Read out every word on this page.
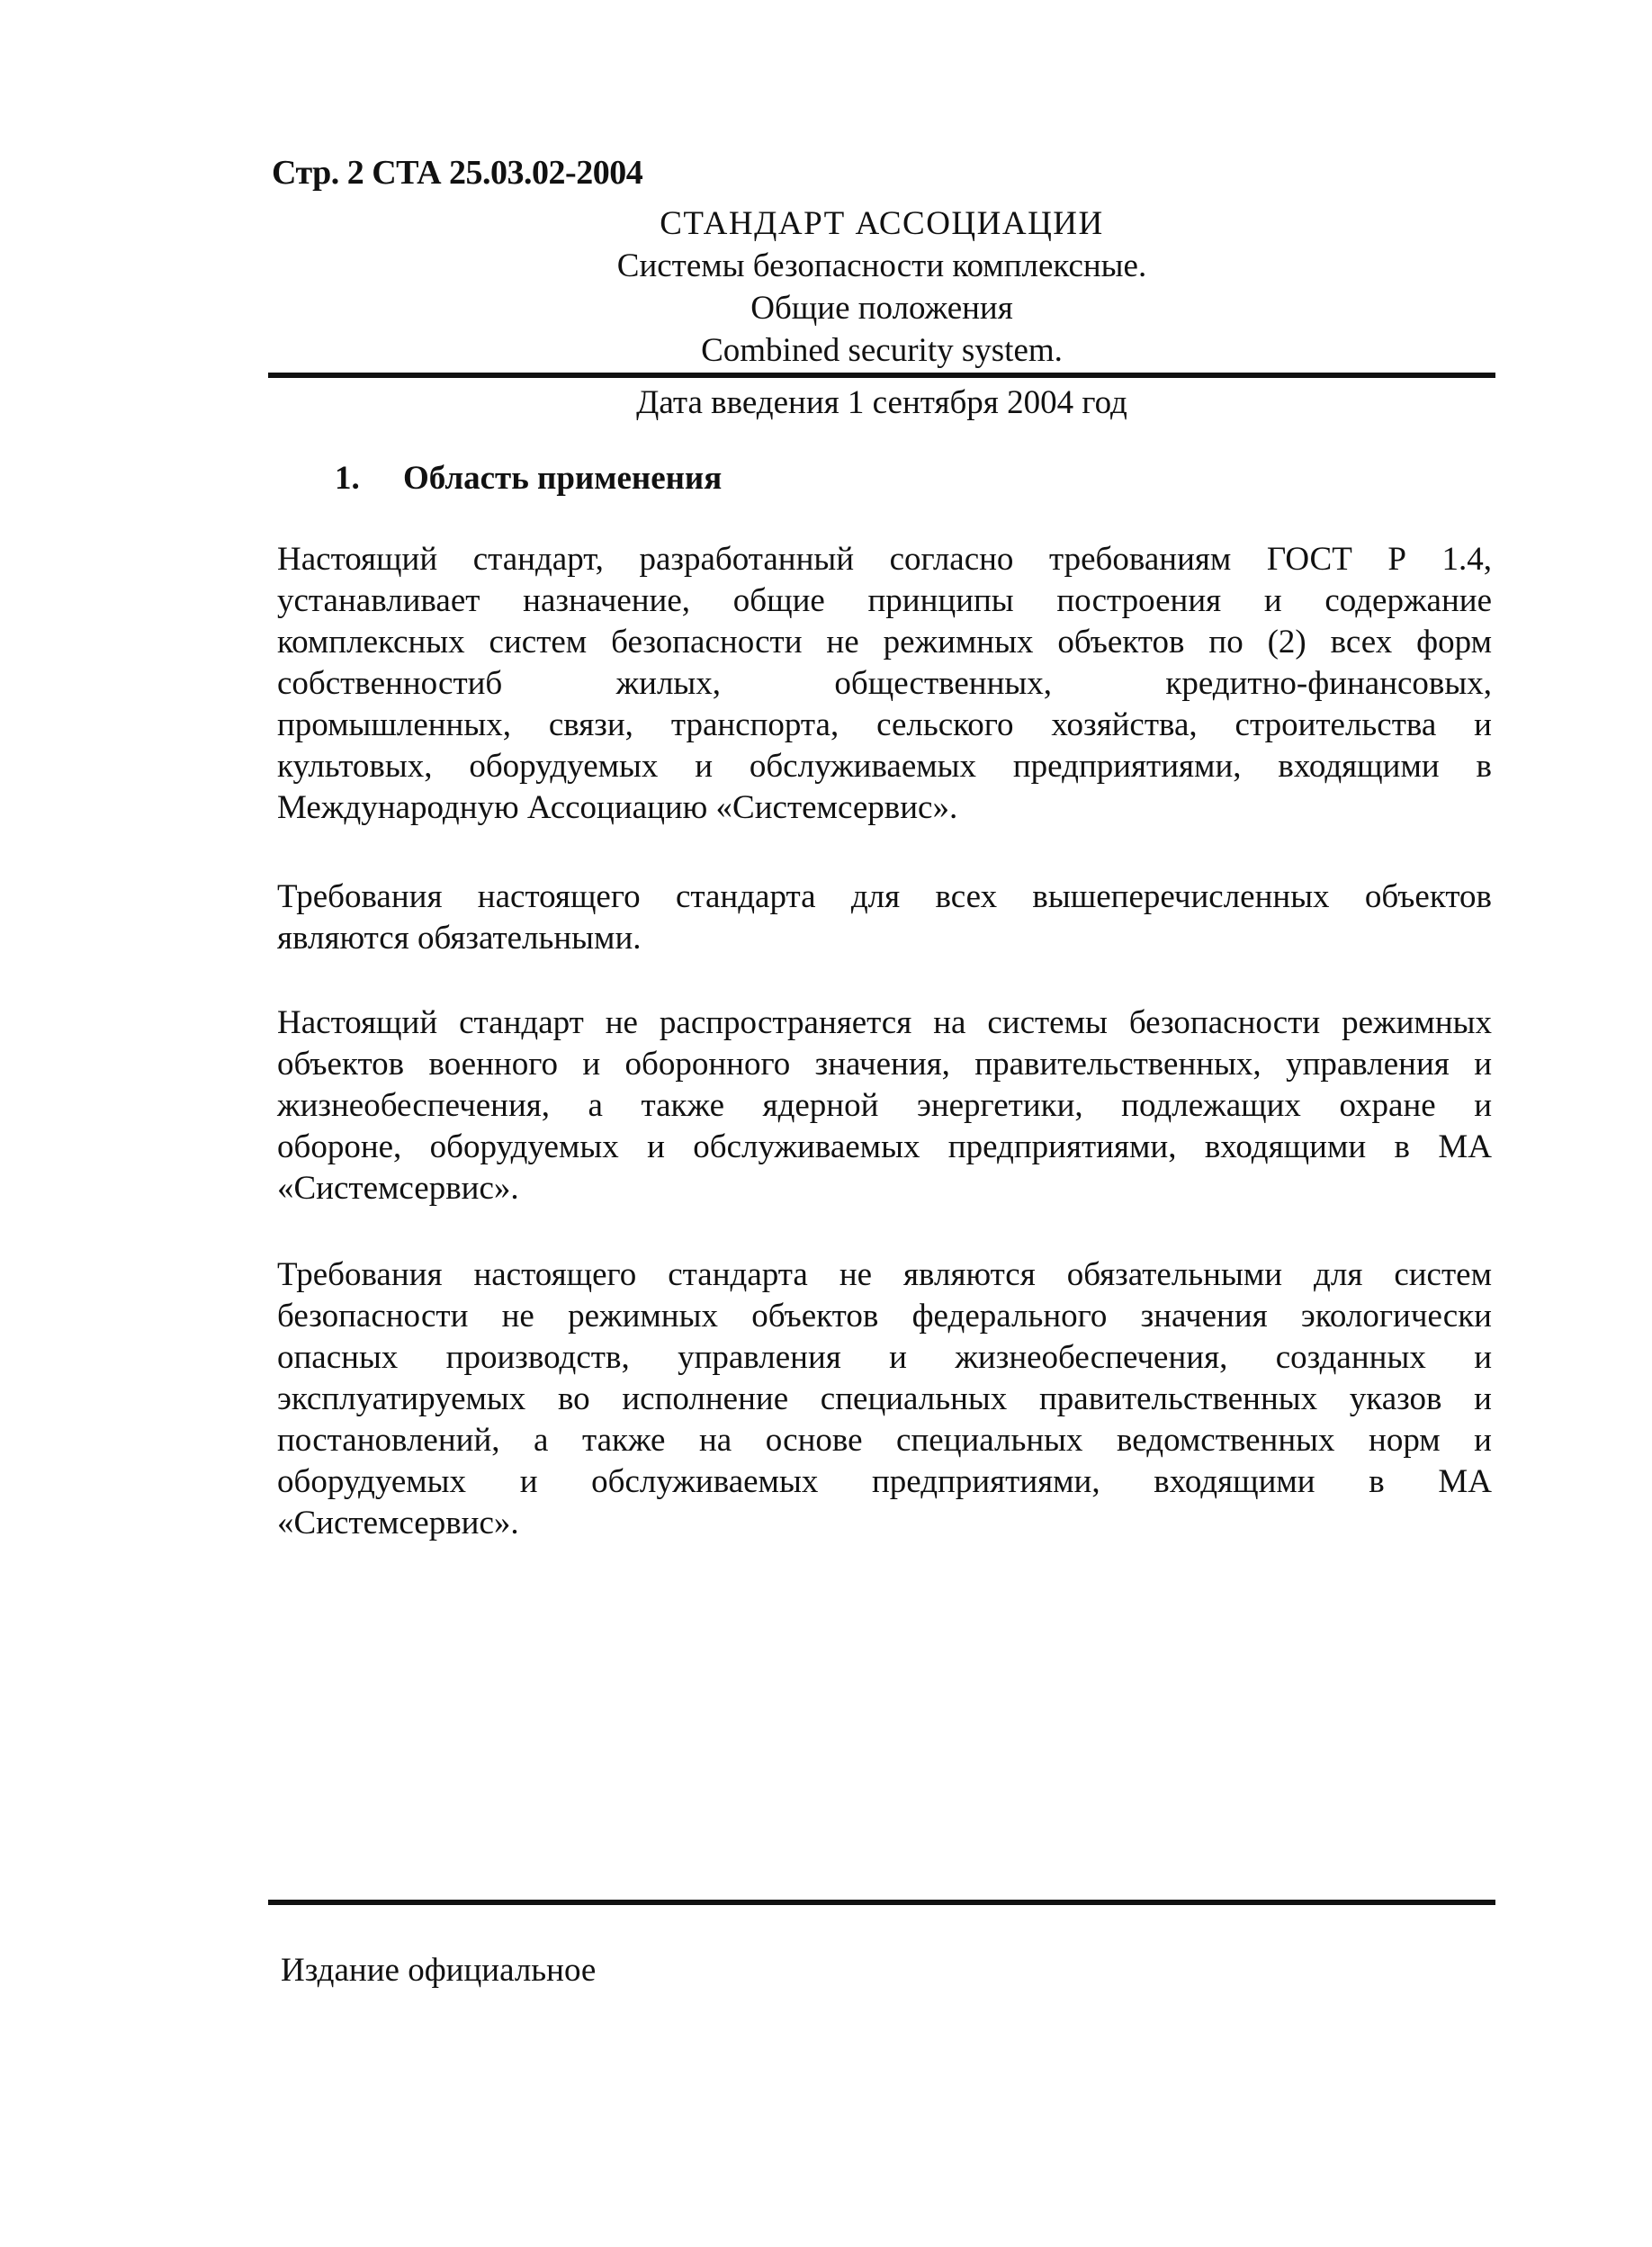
Стр. 2 СТА 25.03.02-2004
СТАНДАРТ АССОЦИАЦИИ
Системы безопасности комплексные.
Общие положения
Combined security system.
Дата введения 1 сентября 2004 год
1. Область применения
Настоящий стандарт, разработанный согласно требованиям ГОСТ Р 1.4,
устанавливает назначение, общие принципы построения и содержание
комплексных систем безопасности не режимных объектов по (2) всех форм
собственностиб жилых, общественных, кредитно-финансовых,
промышленных, связи, транспорта, сельского хозяйства, строительства и
культовых, оборудуемых и обслуживаемых предприятиями, входящими в
Международную Ассоциацию «Системсервис».
Требования настоящего стандарта для всех вышеперечисленных объектов
являются обязательными.
Настоящий стандарт не распространяется на системы безопасности режимных
объектов военного и оборонного значения, правительственных, управления и
жизнеобеспечения, а также ядерной энергетики, подлежащих охране и
обороне, оборудуемых и обслуживаемых предприятиями, входящими в МА
«Системсервис».
Требования настоящего стандарта не являются обязательными для систем
безопасности не режимных объектов федерального значения экологически
опасных производств, управления и жизнеобеспечения, созданных и
эксплуатируемых во исполнение специальных правительственных указов и
постановлений, а также на основе специальных ведомственных норм и
оборудуемых и обслуживаемых предприятиями, входящими в МА
«Системсервис».
Издание официальное
